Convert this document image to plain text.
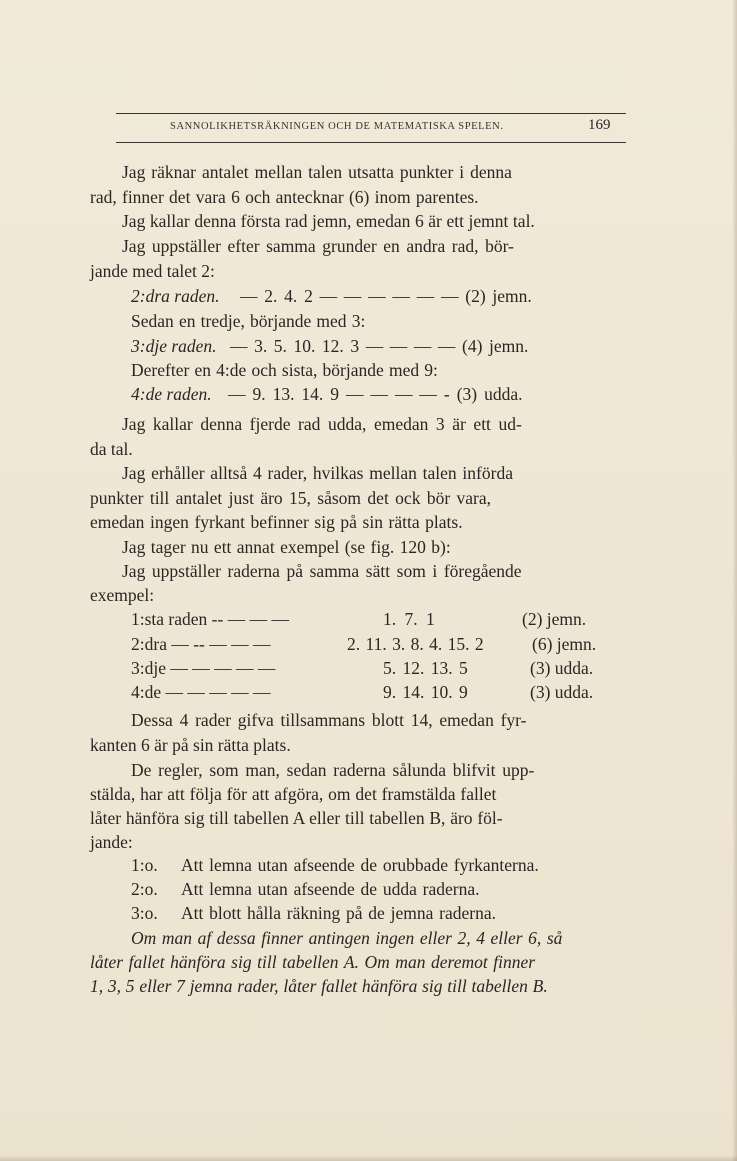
SANNOLIKHETSRÄKNINGEN OCH DE MATEMATISKA SPELEN.	169
Jag räknar antalet mellan talen utsatta punkter i denna
rad, finner det vara 6 och antecknar (6) inom parentes.
Jag kallar denna första rad jemn, emedan 6 är ett jemnt tal.
Jag uppställer efter samma grunder en andra rad, bör-
jande med talet 2:
2:dra raden. — 2. 4. 2 — — — — — — (2) jemn.
Sedan en tredje, börjande med 3:
3:dje raden. — 3. 5. 10. 12. 3 — — — — (4) jemn.
Derefter en 4:de och sista, börjande med 9:
4:de raden. — 9. 13. 14. 9 — — — — - (3) udda.
Jag kallar denna fjerde rad udda, emedan 3 är ett ud-
da tal.
Jag erhåller alltså 4 rader, hvilkas mellan talen införda
punkter till antalet just äro 15, såsom det ock bör vara,
emedan ingen fyrkant befinner sig på sin rätta plats.
Jag tager nu ett annat exempel (se fig. 120 b):
Jag uppställer raderna på samma sätt som i föregående
exempel:
1:sta raden -- — — —	1. 7. 1	(2) jemn.
2:dra — -- — — —	2. 11. 3. 8. 4. 15. 2	(6) jemn.
3:dje — — — — —	5. 12. 13. 5	(3) udda.
4:de — — — — —	9. 14. 10. 9	(3) udda.
Dessa 4 rader gifva tillsammans blott 14, emedan fyr-
kanten 6 är på sin rätta plats.
De regler, som man, sedan raderna sålunda blifvit upp-
stälda, har att följa för att afgöra, om det framstälda fallet
låter hänföra sig till tabellen A eller till tabellen B, äro föl-
jande:
1:o. Att lemna utan afseende de orubbade fyrkanterna.
2:o. Att lemna utan afseende de udda raderna.
3:o. Att blott hålla räkning på de jemna raderna.
Om man af dessa finner antingen ingen eller 2, 4 eller 6, så
låter fallet hänföra sig till tabellen A. Om man deremot finner
1, 3, 5 eller 7 jemna rader, låter fallet hänföra sig till tabellen B.
